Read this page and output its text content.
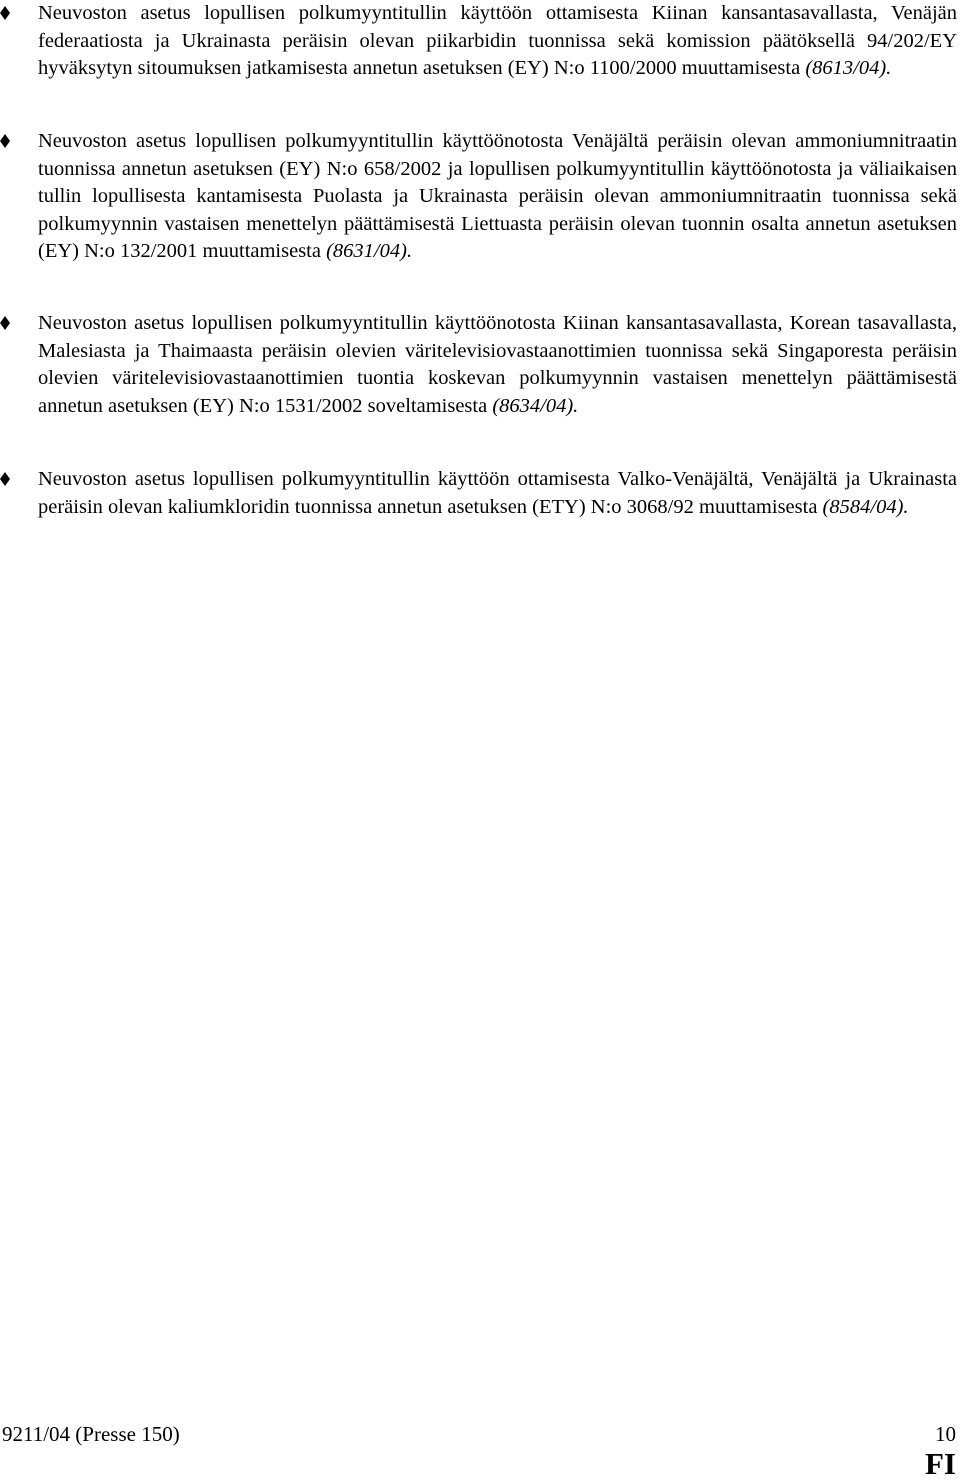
Neuvoston asetus lopullisen polkumyyntitullin käyttöön ottamisesta Kiinan kansantasavallasta, Venäjän federaatiosta ja Ukrainasta peräisin olevan piikarbidin tuonnissa sekä komission päätöksellä 94/202/EY hyväksytyn sitoumuksen jatkamisesta annetun asetuksen (EY) N:o 1100/2000 muuttamisesta (8613/04).
Neuvoston asetus lopullisen polkumyyntitullin käyttöönotosta Venäjältä peräisin olevan ammoniumnitraatin tuonnissa annetun asetuksen (EY) N:o 658/2002 ja lopullisen polkumyyntitullin käyttöönotosta ja väliaikaisen tullin lopullisesta kantamisesta Puolasta ja Ukrainasta peräisin olevan ammoniumnitraatin tuonnissa sekä polkumyynnin vastaisen menettelyn päättämisestä Liettuasta peräisin olevan tuonnin osalta annetun asetuksen (EY) N:o 132/2001 muuttamisesta (8631/04).
Neuvoston asetus lopullisen polkumyyntitullin käyttöönotosta Kiinan kansantasavallasta, Korean tasavallasta, Malesiasta ja Thaimaasta peräisin olevien väritelevisiovastaanottimien tuonnissa sekä Singaporesta peräisin olevien väritelevisiovastaanottimien tuontia koskevan polkumyynnin vastaisen menettelyn päättämisestä annetun asetuksen (EY) N:o 1531/2002 soveltamisesta (8634/04).
Neuvoston asetus lopullisen polkumyyntitullin käyttöön ottamisesta Valko-Venäjältä, Venäjältä ja Ukrainasta peräisin olevan kaliumkloridin tuonnissa annetun asetuksen (ETY) N:o 3068/92 muuttamisesta (8584/04).
9211/04 (Presse 150)	10
FI
